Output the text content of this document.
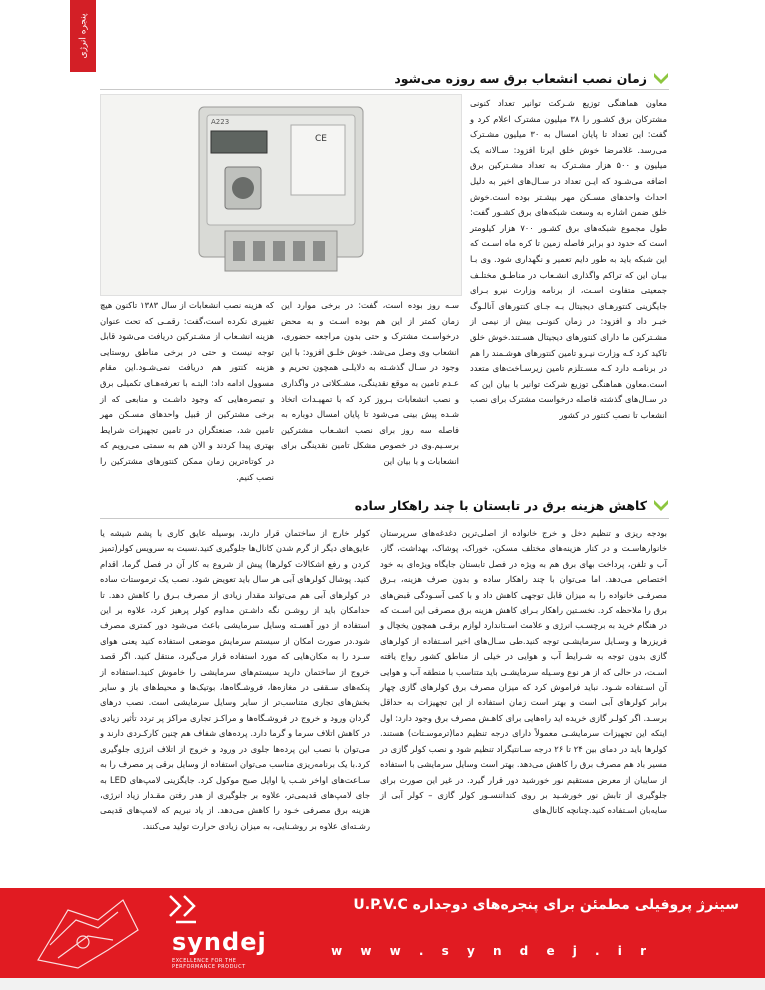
پنجره انرژی
زمان نصب انشعاب برق سه روزه می‌شود

معاون هماهنگی توزیع شـرکت توانیر تعداد کنونی مشترکان برق کشـور را ۳۸ میلیون مشترک اعلام کرد و گفت: این تعداد تا پایان امسال به ۳۰ میلیون مشـترک می‌رسد. غلامرضا خوش خلق ایرنا افزود: سـالانه یک میلیون و ۵۰۰ هزار مشـترک به تعداد مشـترکین برق اضافه می‌شـود که ایـن تعداد در سـال‌های اخیر به دلیل احداث واحدهای مسـکن مهر بیشـتر بوده است.خوش خلق ضمن اشاره به وسعت شبکه‌های برق کشـور گفت: طول مجموع شبکه‌های برق کشـور ۷۰۰ هزار کیلومتر است که حدود دو برابر فاصله زمین تا کره ماه اسـت که این شبکه باید به طور دایم تعمیر و نگهداری شود. وی بـا بیـان این که تراکم واگذاری انشـعاب در مناطـق مختلـف جمعیتی متفاوت اسـت، از برنامه وزارت نیرو بـرای جایگزینی کنتورهـای دیجیتال بـه جـای کنتورهای آنالـوگ خبـر داد و افزود: در زمان کنونـی بیش از نیمی از مشـترکین ما دارای کنتورهای دیجیتال هسـتند.خوش خلق تاکید کرد کـه وزارت نیـرو تامین کنتورهای هوشـمند را هم در برنامـه دارد کـه مسـتلزم تامین زیرسـاخت‌های متعدد است.معاون هماهنگی توزیع شرکت توانیر با بیان این که در سـال‌های گذشته فاصله درخواست مشترک برای نصب انشعاب تا نصب کنتور در کشور

CE
A223

سـه روز بوده است، گفت: در برخی موارد این زمان کمتر از این هم بوده اسـت و به محض درخواسـت مشترک و حتی بدون مراجعه حضوری، انشعاب وی وصل می‌شد. خوش خلـق افزود: با این وجود در سـال گذشـته به دلایلـی همچون تحریم و عـدم تامین به موقع نقدینگی، مشـکلاتی در واگذاری و نصب انشعابات بـروز کرد که با تمهیـدات اتخاذ شـده پیش بینی می‌شود تا پایان امسال دوباره به فاصله سه روز برای نصب انشـعاب مشترکین برسـیم.وی در خصوص مشکل تامین نقدینگی برای انشعابات و با بیان این

که هزینه نصب انشعابات از سال ۱۳۸۳ تاکنون هیچ تغییری نکرده است،گفت: رقمـی که تحت عنوان هزینه انشـعاب از مشـترکین دریافت می‌شود قابل توجه نیست و حتی در برخی مناطق روستایی هزینه کنتور هم دریافت نمی‌شـود.این مقام مسوول ادامه داد: البتـه با تعرفه‌هـای تکمیلی برق و تبصره‌هایی که وجود داشـت و منابعی که از برخی مشترکین از قبیل واحدهای مسـکن مهر تامین شد، صنعتگران در تامین تجهیزات شرایط بهتری پیدا کردند و الان هم به سمتی می‌رویم که در کوتاه‌ترین زمان ممکن کنتورهای مشترکین را نصب کنیم.

کاهش هزینه برق در تابستان با چند راهکار ساده

بودجه ریزی و تنظیم دخل و خرج خانواده از اصلی‌ترین دغدغه‌های سرپرستان خانوارهاسـت و در کنار هزینه‌های مختلف مسکن، خوراک، پوشاک، بهداشت، گاز، آب و تلفن، پرداخت بهای برق هم به ویژه در فصل تابستان جایگاه ویژه‌ای به خود اختصاص می‌دهد. اما می‌توان با چند راهکار ساده و بدون صرف هزینه، بـرق مصرفـی خانواده را به میزان قابل توجهی کاهش داد و با کمی آسـودگی قبض‌های برق را ملاحظه کرد. نخسـتین راهکار بـرای کاهش هزینه برق مصرفی این اسـت که در هنگام خرید به برچسـب انرژی و علامت اسـتاندارد لوازم برقـی همچون یخچال و فریزرها و وسـایل سرمایشـی توجه کنید.طی سـال‌های اخیر اسـتفاده از کولرهای گازی بدون توجه به شـرایط آب و هوایی در خیلی از مناطق کشور رواج یافته اسـت، در حالی که از هر نوع وسـیله سرمایشـی باید متناسب با منطقه آب و هوایی آن اسـتفاده شـود. نباید فراموش کرد که میزان مصرف برق کولرهای گازی چهار برابر کولرهای آبی است و بهتر است زمان استفاده از این تجهیزات به حداقل برسـد. اگر کولـر گازی خریده اید راه‌هایی برای کاهـش مصرف برق وجود دارد: اول اینکه این تجهیزات سرمایشـی معمولاً دارای درجه تنظیم دما(ترموسـتات) هستند. کولرها باید در دمای بین ۲۴ تا ۲۶ درجه سـانتیگراد تنظیم شود و نصب کولر گازی در مسیر باد هم مصرف برق را کاهش می‌دهد. بهتر است وسایل سرمایشی با استفاده از سایبان از معرض مستقیم نور خورشید دور قرار گیرد. در غیر این صورت برای جلوگیری از تابش نور خورشـید بر روی کنداننسـور کولر گازی – کولر آبی از سایه‌بان اسـتفاده کنید.چنانچه کانال‌های

کولر خارج از ساختمان قرار دارند، بوسیله عایق کاری با پشم شیشه یا عایق‌های دیگر از گرم شدن کانال‌ها جلوگیری کنید.نسبت به سرویس کولر(تمیز کردن و رفع اشکالات کولرها) پیش از شروع به کار آن در فصل گرما، اقدام کنید. پوشال کولرهای آبی هر سال باید تعویض شود. نصب یک ترموستات ساده در کولرهای آبی هم می‌تواند مقدار زیادی از مصرف بـرق را کاهش دهد. تا حدامکان باید از روشـن نگه داشـتن مداوم کولر پرهیز کرد، علاوه بر این استفاده از دور آهسـته وسایل سرمایشی باعث می‌شود دور کمتری مصرف شود.در صورت امکان از سیستم سرمایش موضعی استفاده کنید یعنی هوای سـرد را به مکان‌هایی که مورد استفاده قرار می‌گیرد، منتقل کنید. اگر قصد خروج از ساختمان دارید سیستم‌های سرمایشی را خاموش کنید.استفاده از پنکه‌های سـقفی در مغازه‌ها، فروشـگاه‌ها، بوتیک‌ها و محیط‌های باز و سایر بخش‌های تجاری متناسب‌تر از سایر وسایل سرمایشی است. نصب درهای گردان ورود و خروج در فروشـگاه‌ها و مراکـز تجاری مراکز پر تردد تأثیر زیادی در کاهش اتلاف سرما و گرما دارد. پرده‌های شفاف هم چنین کارکـردی دارند و می‌توان با نصب این پرده‌ها جلوی در ورود و خروج از اتلاف انرژی جلوگیری کرد.با یک برنامه‌ریزی مناسب می‌توان استفاده از وسایل برقی پر مصرف را به سـاعت‌های اواخر شـب یا اوایل صبح موکول کرد. جایگزینی لامپ‌های LED به جای لامپ‌های قدیمی‌تر، علاوه بر جلوگیری از هدر رفتن مقـدار زیاد انرژی، هزینه برق مصرفی خـود را کاهش می‌دهد. از یاد نبریم که لامپ‌های قدیمی رشـته‌ای علاوه بر روشـنایی، به میزان زیادی حرارت تولید می‌کنند.

syndej
EXCELLENCE FOR THE PERFORMANCE PRODUCT
سینرژ پروفیلی مطمئن برای پنجره‌های دوجداره U.P.V.C
w w w . s y n d e j . i r
